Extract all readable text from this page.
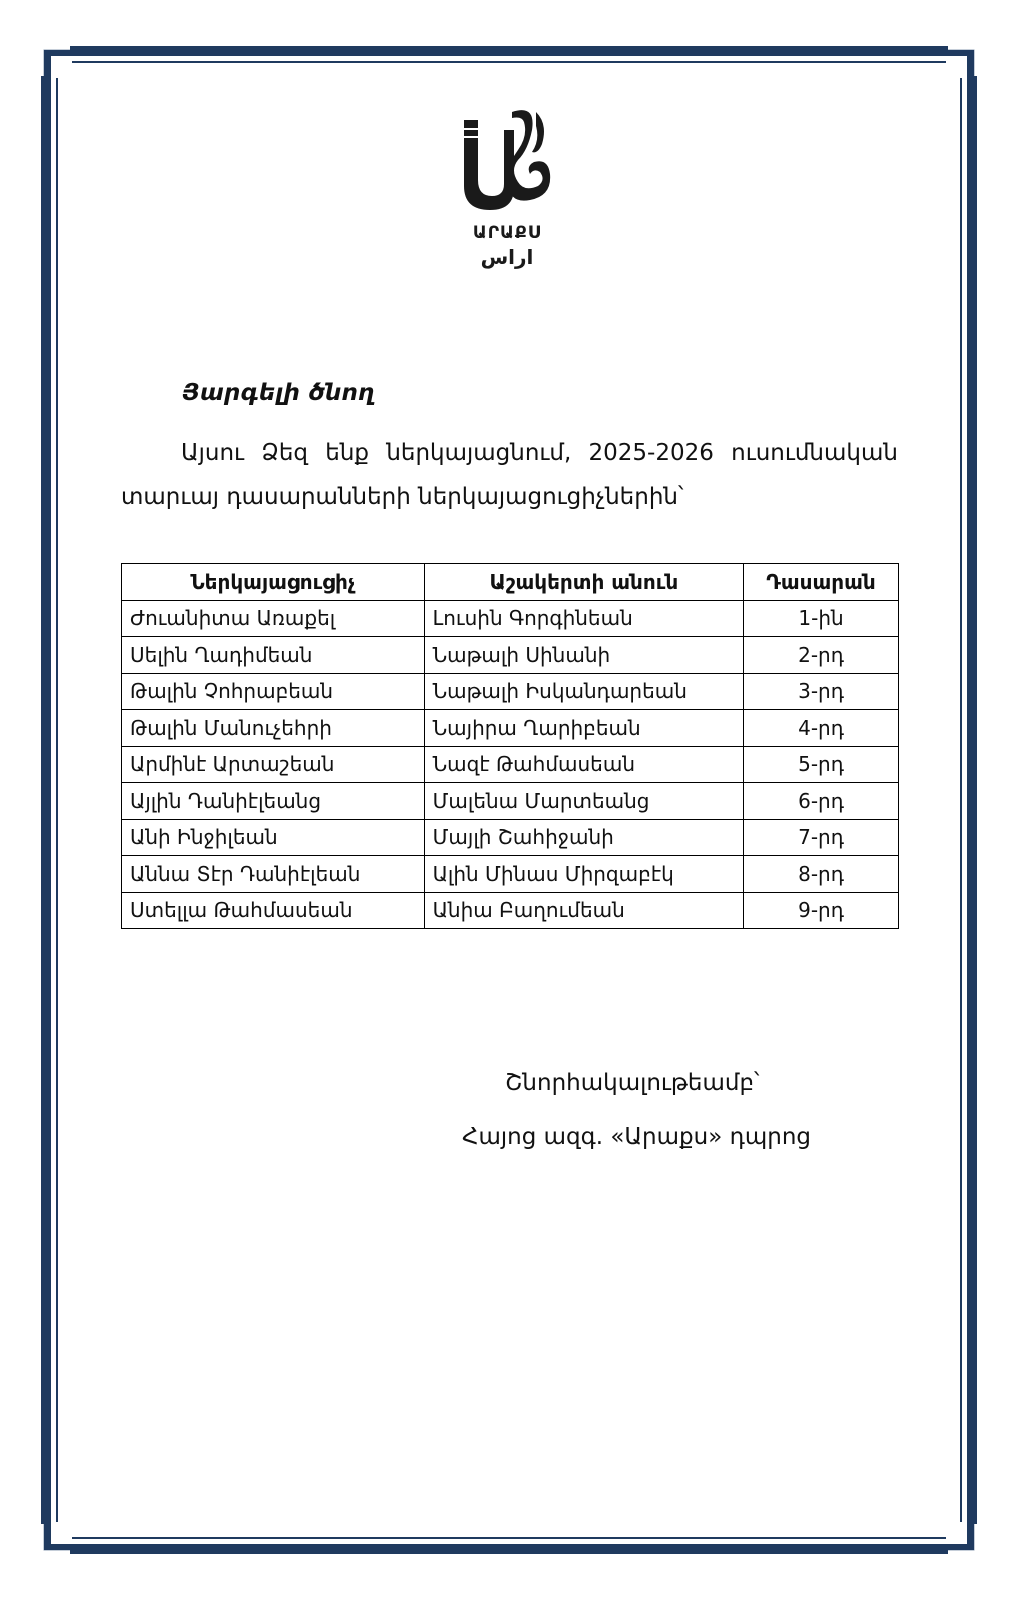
ԱՐԱՔՍ
اراس
Յարգելի ծնող

Այսու Ձեզ ենք ներկայացնում, 2025-2026 ուսումնական
տարւայ դասարանների ներկայացուցիչներին՝

Ներկայացուցիչ	Աշակերտի անուն	Դասարան
Ժուանիտա Առաքել	Լուսին Գորգինեան	1-ին
Սելին Ղադիմեան	Նաթալի Սինանի	2-րդ
Թալին Չոհրաբեան	Նաթալի Իսկանդարեան	3-րդ
Թալին Մանուչեհրի	Նայիրա Ղարիբեան	4-րդ
Արմինէ Արտաշեան	Նազէ Թահմասեան	5-րդ
Այլին Դանիէլեանց	Մալենա Մարտեանց	6-րդ
Անի Ինջիլեան	Մայլի Շահիջանի	7-րդ
Աննա Տէր Դանիէլեան	Ալին Մինաս Միրզաբէկ	8-րդ
Ստելլա Թահմասեան	Անիա Բաղումեան	9-րդ
Շնորհակալութեամբ՝
Հայոց ազգ. «Արաքս» դպրոց
